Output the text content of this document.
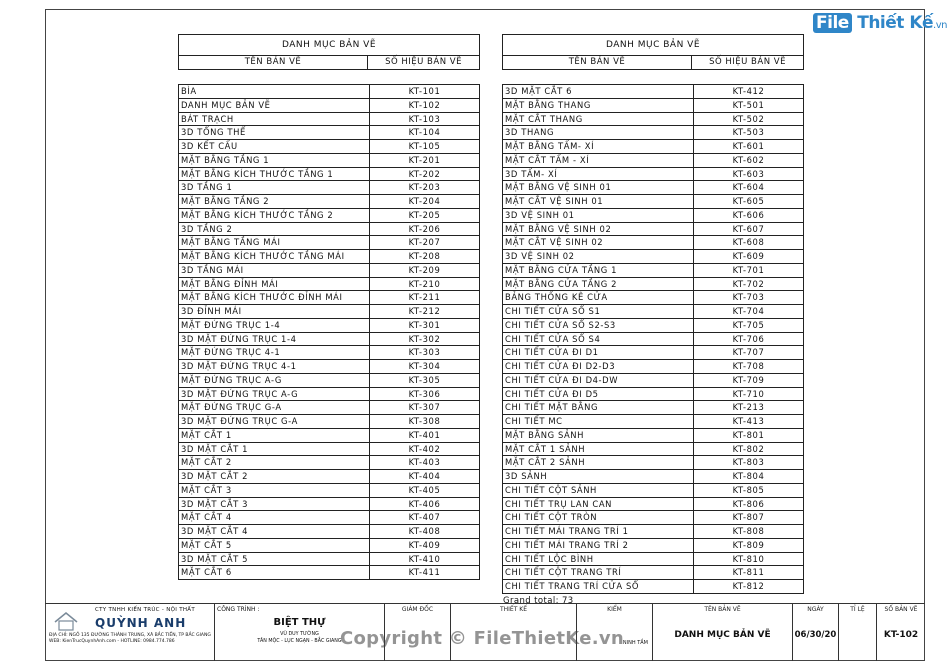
File Thiết Kế.vn
DANH MỤC BẢN VẼ
TÊN BẢN VẼ	SỐ HIỆU BẢN VẼ
BÌA	KT-101
DANH MỤC BẢN VẼ	KT-102
BÁT TRẠCH	KT-103
3D TỔNG THỂ	KT-104
3D KẾT CẤU	KT-105
MẶT BẰNG TẦNG 1	KT-201
MẶT BẰNG KÍCH THƯỚC TẦNG 1	KT-202
3D TẦNG 1	KT-203
MẶT BẰNG TẦNG 2	KT-204
MẶT BẰNG KÍCH THƯỚC TẦNG 2	KT-205
3D TẦNG 2	KT-206
MẶT BẰNG TẦNG MÁI	KT-207
MẶT BẰNG KÍCH THƯỚC TẦNG MÁI	KT-208
3D TẦNG MÁI	KT-209
MẶT BẰNG ĐỈNH MÁI	KT-210
MẶT BẰNG KÍCH THƯỚC ĐỈNH MÁI	KT-211
3D ĐỈNH MÁI	KT-212
MẶT ĐỨNG TRỤC 1-4	KT-301
3D MẶT ĐỨNG TRỤC 1-4	KT-302
MẶT ĐỨNG TRỤC 4-1	KT-303
3D MẶT ĐỨNG TRỤC 4-1	KT-304
MẶT ĐỨNG TRỤC A-G	KT-305
3D MẶT ĐỨNG TRỤC A-G	KT-306
MẶT ĐỨNG TRỤC G-A	KT-307
3D MẶT ĐỨNG TRỤC G-A	KT-308
MẶT CẮT 1	KT-401
3D MẶT CẮT 1	KT-402
MẶT CẮT 2	KT-403
3D MẶT CẮT 2	KT-404
MẶT CẮT 3	KT-405
3D MẶT CẮT 3	KT-406
MẶT CẮT 4	KT-407
3D MẶT CẮT 4	KT-408
MẶT CẮT 5	KT-409
3D MẶT CẮT 5	KT-410
MẶT CẮT 6	KT-411
DANH MỤC BẢN VẼ
TÊN BẢN VẼ	SỐ HIỆU BẢN VẼ
3D MẶT CẮT 6	KT-412
MẶT BẰNG THANG	KT-501
MẶT CẮT THANG	KT-502
3D THANG	KT-503
MẶT BẰNG TẤM- XÍ	KT-601
MẶT CẮT TẤM - XÍ	KT-602
3D TẤM- XÍ	KT-603
MẶT BẰNG VỆ SINH 01	KT-604
MẶT CẮT VỆ SINH 01	KT-605
3D VỆ SINH 01	KT-606
MẶT BẰNG VỆ SINH 02	KT-607
MẶT CẮT VỆ SINH 02	KT-608
3D VỆ SINH 02	KT-609
MẶT BẰNG CỬA TẦNG 1	KT-701
MẶT BẰNG CỬA TẦNG 2	KT-702
BẢNG THỐNG KÊ CỬA	KT-703
CHI TIẾT CỬA SỔ S1	KT-704
CHI TIẾT CỬA SỔ S2-S3	KT-705
CHI TIẾT CỬA SỔ S4	KT-706
CHI TIẾT CỬA ĐI D1	KT-707
CHI TIẾT CỬA ĐI D2-D3	KT-708
CHI TIẾT CỬA ĐI D4-DW	KT-709
CHI TIẾT CỬA ĐI D5	KT-710
CHI TIẾT MẶT BẰNG	KT-213
CHI TIẾT MC	KT-413
MẶT BẰNG SẢNH	KT-801
MẶT CẮT 1 SẢNH	KT-802
MẶT CẮT 2 SẢNH	KT-803
3D SẢNH	KT-804
CHI TIẾT CỘT SẢNH	KT-805
CHI TIẾT TRỤ LAN CAN	KT-806
CHI TIẾT CỘT TRÒN	KT-807
CHI TIẾT MÁI TRANG TRÍ 1	KT-808
CHI TIẾT MÁI TRANG TRÍ 2	KT-809
CHI TIẾT LỘC BÌNH	KT-810
CHI TIẾT CỘT TRANG TRÍ	KT-811
CHI TIẾT TRANG TRÍ CỬA SỔ	KT-812
Grand total: 73
CTY TNHH KIẾN TRÚC - NỘI THẤT
QUỲNH ANH
ĐỊA CHỈ: NGÕ 135 ĐƯỜNG THÀNH TRUNG, XÃ BẮC TIẾN, TP BẮC GIANG
WEB: KienTrucQuynhAnh.com - HOTLINE: 0984.774.786
CÔNG TRÌNH :
BIỆT THỰ
VŨ DUY TƯỜNG
TÂN MỘC - LỤC NGẠN - BẮC GIANG
GIÁM ĐỐC	THIẾT KẾ	KIỂM
NINH TẦM
TÊN BẢN VẼ
DANH MỤC BẢN VẼ
NGÀY
06/30/20
TỈ LỆ	SỐ BẢN VẼ
KT-102
Copyright © FileThietKe.vn
